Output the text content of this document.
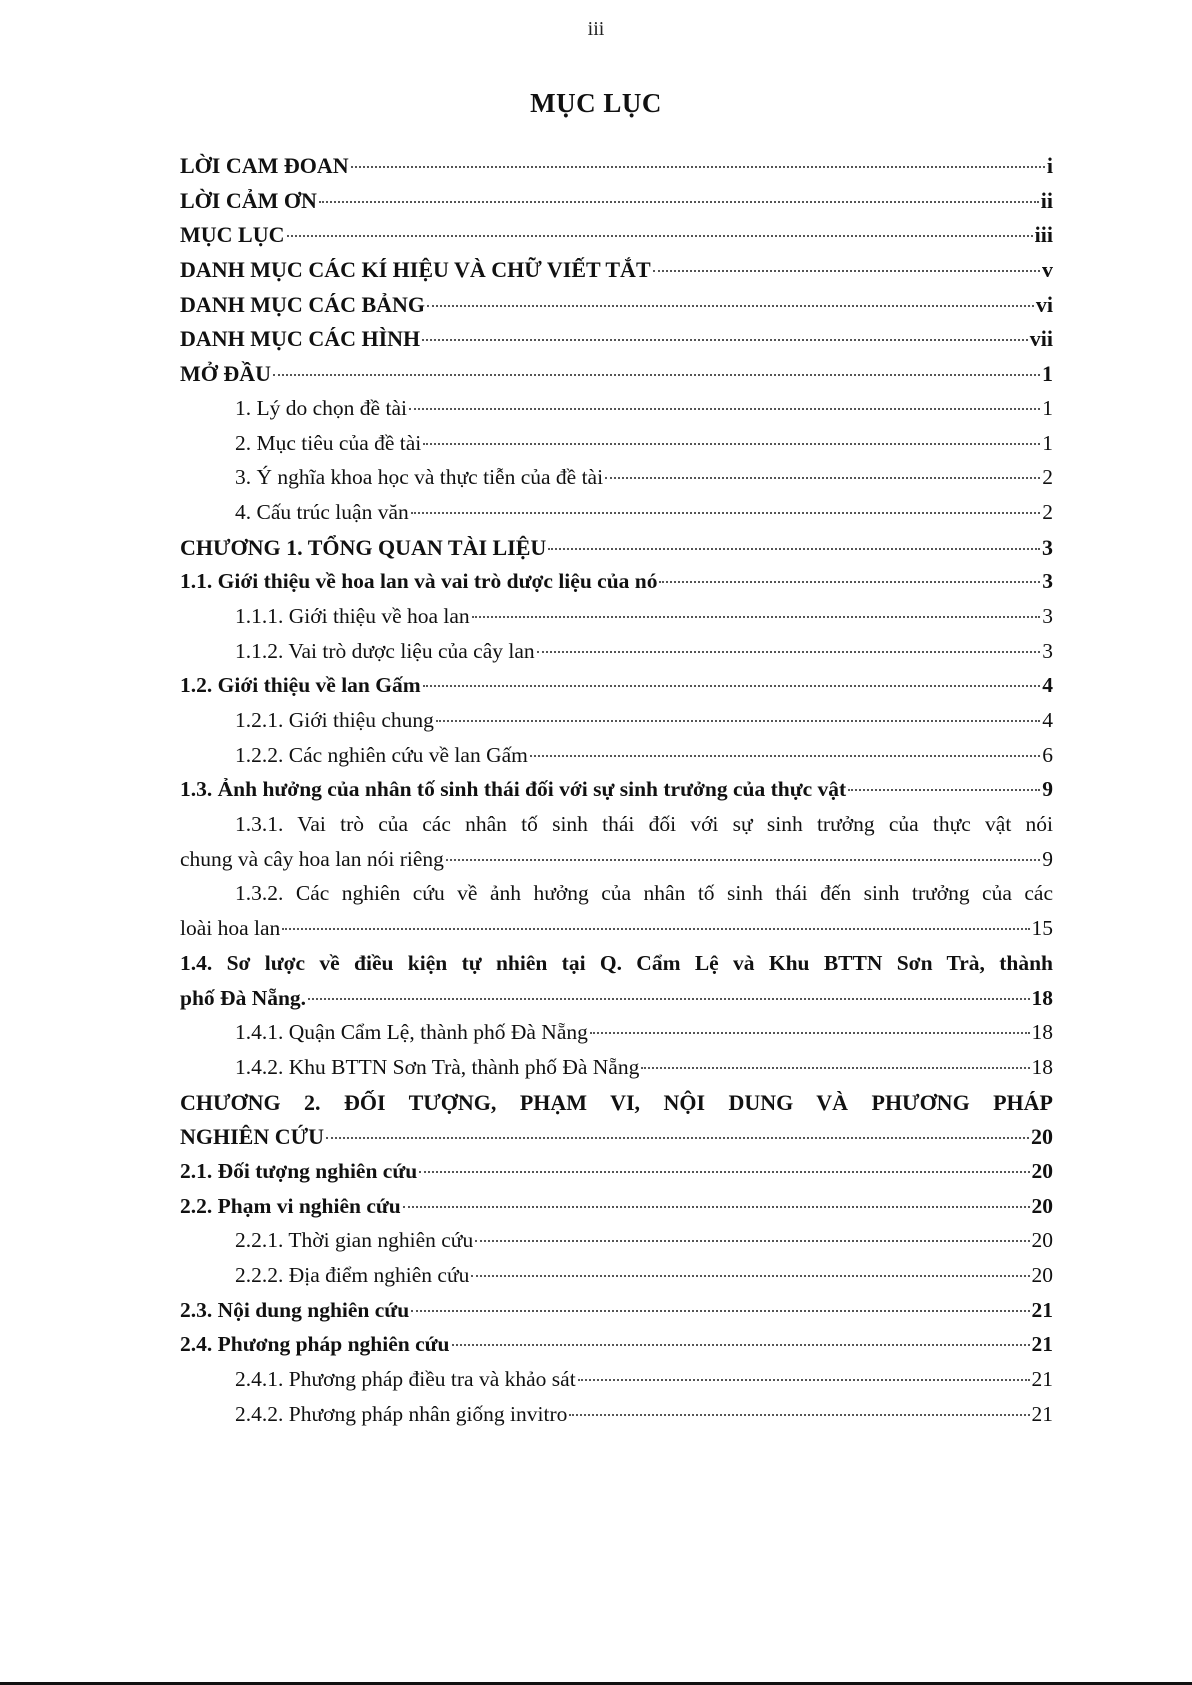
iii
MỤC LỤC
LỜI CAM ĐOAN	i
LỜI CẢM ƠN	ii
MỤC LỤC	iii
DANH MỤC CÁC KÍ HIỆU VÀ CHỮ VIẾT TẮT	v
DANH MỤC CÁC BẢNG	vi
DANH MỤC CÁC HÌNH	vii
MỞ ĐẦU	1
1. Lý do chọn đề tài	1
2. Mục tiêu của đề tài	1
3. Ý nghĩa khoa học và thực tiễn của đề tài	2
4. Cấu trúc luận văn	2
CHƯƠNG 1. TỔNG QUAN TÀI LIỆU	3
1.1. Giới thiệu về hoa lan và vai trò dược liệu của nó	3
1.1.1. Giới thiệu về hoa lan	3
1.1.2. Vai trò dược liệu của cây lan	3
1.2. Giới thiệu về lan Gấm	4
1.2.1. Giới thiệu chung	4
1.2.2. Các nghiên cứu về lan Gấm	6
1.3. Ảnh hưởng của nhân tố sinh thái đối với sự sinh trưởng của thực vật	9
1.3.1. Vai trò của các nhân tố sinh thái đối với sự sinh trưởng của thực vật nói
chung và cây hoa lan nói riêng	9
1.3.2. Các nghiên cứu về ảnh hưởng của nhân tố sinh thái đến sinh trưởng của các
loài hoa lan	15
1.4. Sơ lược về điều kiện tự nhiên tại Q. Cẩm Lệ và Khu BTTN Sơn Trà, thành
phố Đà Nẵng.	18
1.4.1. Quận Cẩm Lệ, thành phố Đà Nẵng	18
1.4.2. Khu BTTN Sơn Trà, thành phố Đà Nẵng	18
CHƯƠNG 2. ĐỐI TƯỢNG, PHẠM VI, NỘI DUNG VÀ PHƯƠNG PHÁP
NGHIÊN CỨU	20
2.1. Đối tượng nghiên cứu	20
2.2. Phạm vi nghiên cứu	20
2.2.1. Thời gian nghiên cứu	20
2.2.2. Địa điểm nghiên cứu	20
2.3. Nội dung nghiên cứu	21
2.4. Phương pháp nghiên cứu	21
2.4.1. Phương pháp điều tra và khảo sát	21
2.4.2. Phương pháp nhân giống invitro	21
